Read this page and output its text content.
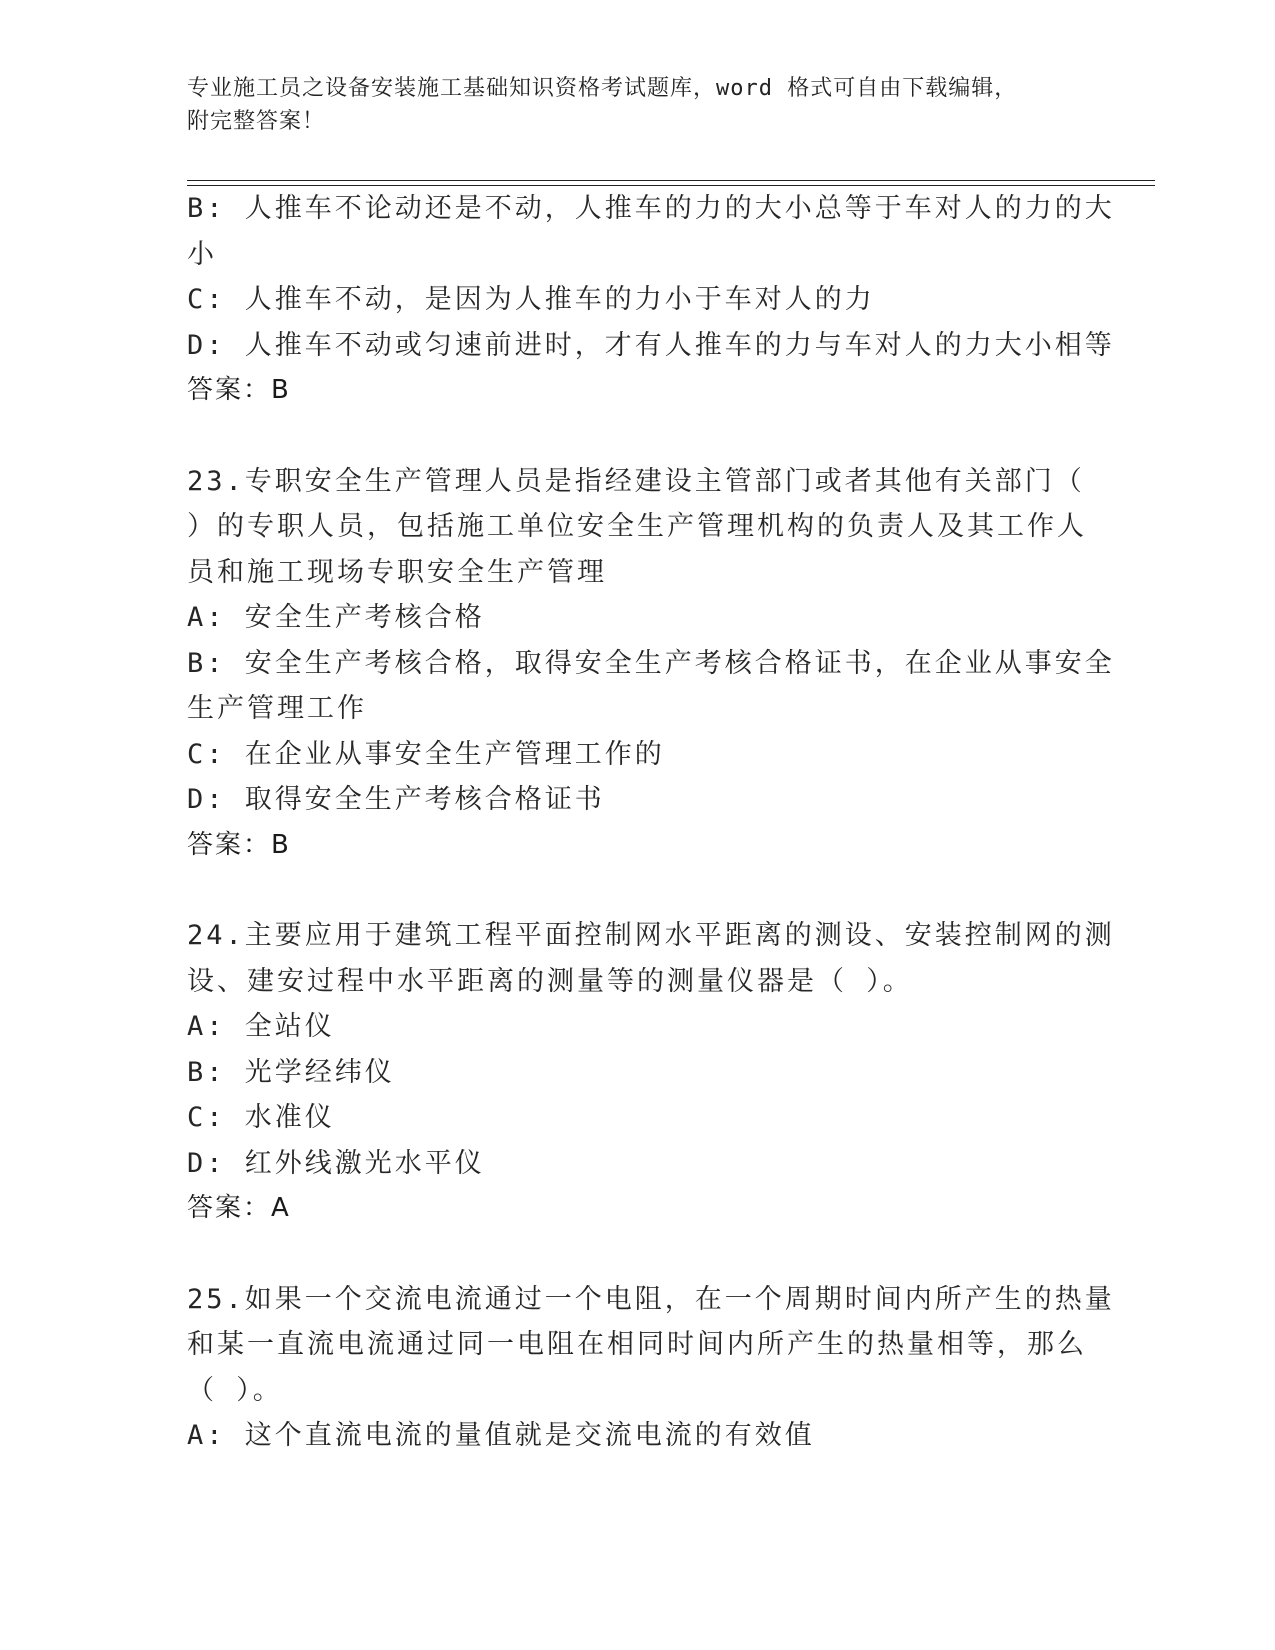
专业施工员之设备安装施工基础知识资格考试题库，word 格式可自由下载编辑，
附完整答案！
B: 人推车不论动还是不动，人推车的力的大小总等于车对人的力的大
小
C: 人推车不动，是因为人推车的力小于车对人的力
D: 人推车不动或匀速前进时，才有人推车的力与车对人的力大小相等
答案：B
23.专职安全生产管理人员是指经建设主管部门或者其他有关部门（
）的专职人员，包括施工单位安全生产管理机构的负责人及其工作人
员和施工现场专职安全生产管理
A: 安全生产考核合格
B: 安全生产考核合格，取得安全生产考核合格证书，在企业从事安全
生产管理工作
C: 在企业从事安全生产管理工作的
D: 取得安全生产考核合格证书
答案：B
24.主要应用于建筑工程平面控制网水平距离的测设、安装控制网的测
设、建安过程中水平距离的测量等的测量仪器是（ ）。
A: 全站仪
B: 光学经纬仪
C: 水准仪
D: 红外线激光水平仪
答案：A
25.如果一个交流电流通过一个电阻，在一个周期时间内所产生的热量
和某一直流电流通过同一电阻在相同时间内所产生的热量相等，那么
（ ）。
A: 这个直流电流的量值就是交流电流的有效值
